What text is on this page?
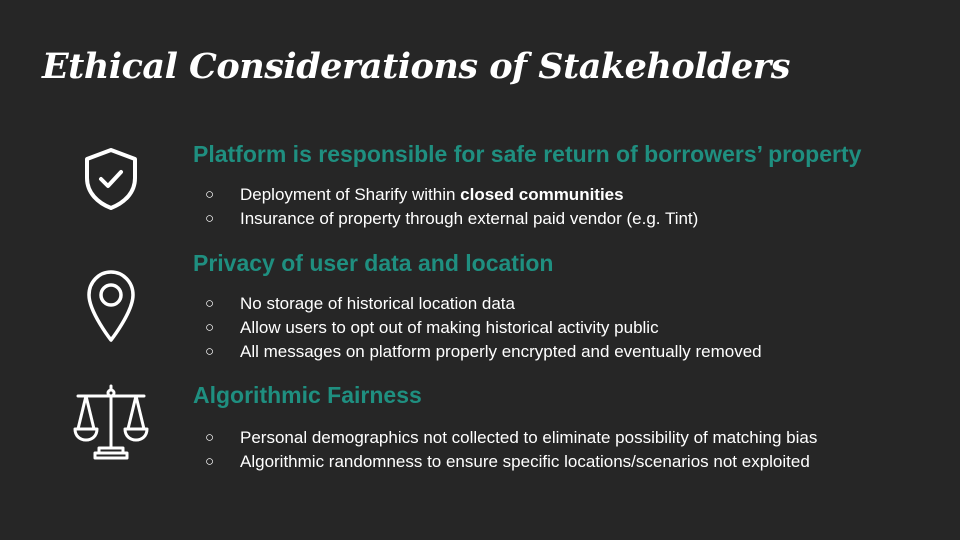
Ethical Considerations of Stakeholders
Platform is responsible for safe return of borrowers’ property
○ Deployment of Sharify within closed communities
○ Insurance of property through external paid vendor (e.g. Tint)
Privacy of user data and location
○ No storage of historical location data
○ Allow users to opt out of making historical activity public
○ All messages on platform properly encrypted and eventually removed
Algorithmic Fairness
○ Personal demographics not collected to eliminate possibility of matching bias
○ Algorithmic randomness to ensure specific locations/scenarios not exploited
